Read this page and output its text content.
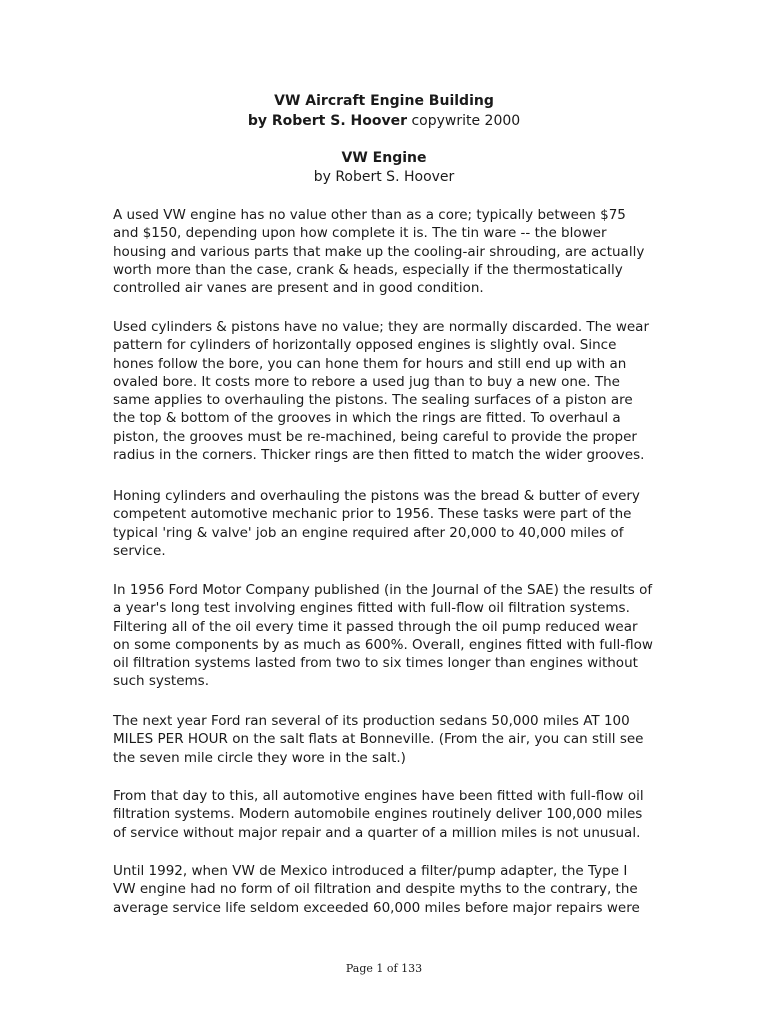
VW Aircraft Engine Building
by Robert S. Hoover copywrite 2000
VW Engine
by Robert S. Hoover

A used VW engine has no value other than as a core; typically between $75 and $150, depending upon how complete it is. The tin ware -- the blower housing and various parts that make up the cooling-air shrouding, are actually worth more than the case, crank & heads, especially if the thermostatically controlled air vanes are present and in good condition.

Used cylinders & pistons have no value; they are normally discarded. The wear pattern for cylinders of horizontally opposed engines is slightly oval. Since hones follow the bore, you can hone them for hours and still end up with an ovaled bore. It costs more to rebore a used jug than to buy a new one. The same applies to overhauling the pistons. The sealing surfaces of a piston are the top & bottom of the grooves in which the rings are fitted. To overhaul a piston, the grooves must be re-machined, being careful to provide the proper radius in the corners. Thicker rings are then fitted to match the wider grooves.

Honing cylinders and overhauling the pistons was the bread & butter of every competent automotive mechanic prior to 1956. These tasks were part of the typical 'ring & valve' job an engine required after 20,000 to 40,000 miles of service.

In 1956 Ford Motor Company published (in the Journal of the SAE) the results of a year's long test involving engines fitted with full-flow oil filtration systems. Filtering all of the oil every time it passed through the oil pump reduced wear on some components by as much as 600%. Overall, engines fitted with full-flow oil filtration systems lasted from two to six times longer than engines without such systems.

The next year Ford ran several of its production sedans 50,000 miles AT 100 MILES PER HOUR on the salt flats at Bonneville. (From the air, you can still see the seven mile circle they wore in the salt.)

From that day to this, all automotive engines have been fitted with full-flow oil filtration systems. Modern automobile engines routinely deliver 100,000 miles of service without major repair and a quarter of a million miles is not unusual.

Until 1992, when VW de Mexico introduced a filter/pump adapter, the Type I VW engine had no form of oil filtration and despite myths to the contrary, the average service life seldom exceeded 60,000 miles before major repairs were

Page 1 of 133
